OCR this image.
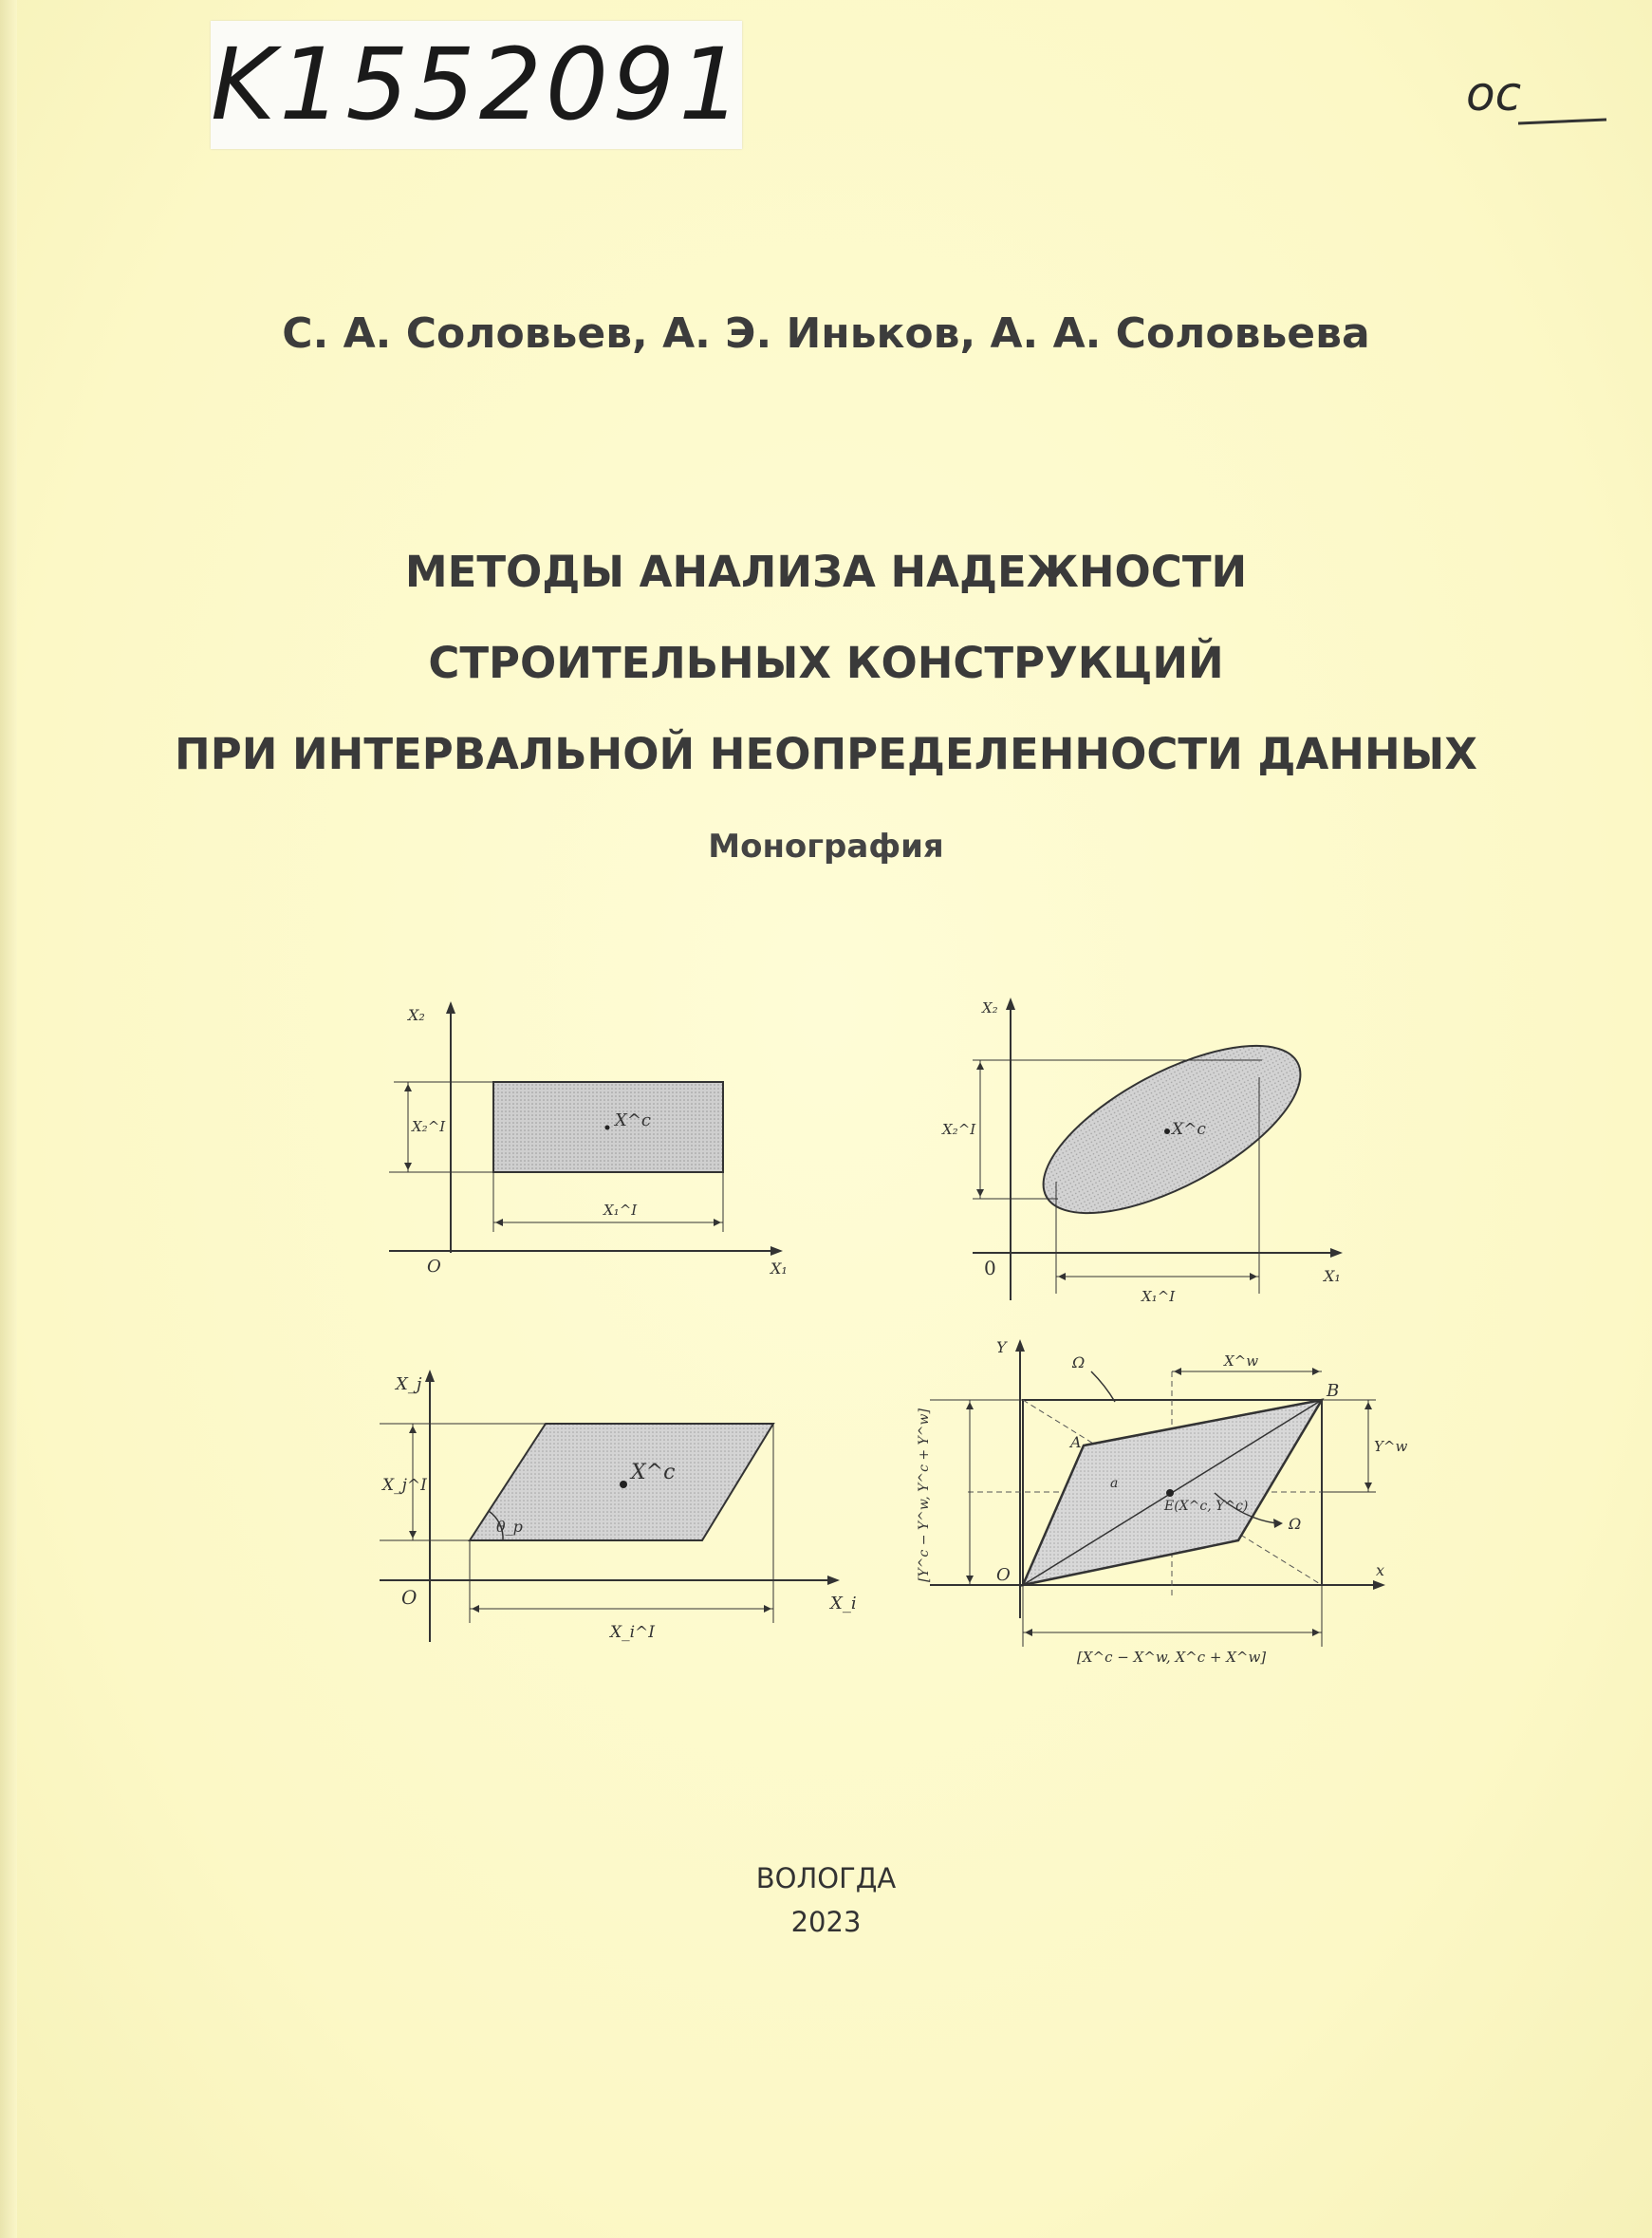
K1552091	oc
С. А. Соловьев, А. Э. Иньков, А. А. Соловьева
МЕТОДЫ АНАЛИЗА НАДЕЖНОСТИ
СТРОИТЕЛЬНЫХ КОНСТРУКЦИЙ
ПРИ ИНТЕРВАЛЬНОЙ НЕОПРЕДЕЛЕННОСТИ ДАННЫХ
Монография
X^c
X₂
X₁
O
X₂^I
X₁^I
X^c
X₂
X₁
0
X₂^I
X₁^I
X^c
θ_p
X_j
X_i
O
X_j^I
X_i^I
Y
x
O
Ω
Ω
A
B
a
E(X^c, Y^c)
X^w
Y^w
[X^c − X^w, X^c + X^w]
[Y^c − Y^w, Y^c + Y^w]
ВОЛОГДА
2023
